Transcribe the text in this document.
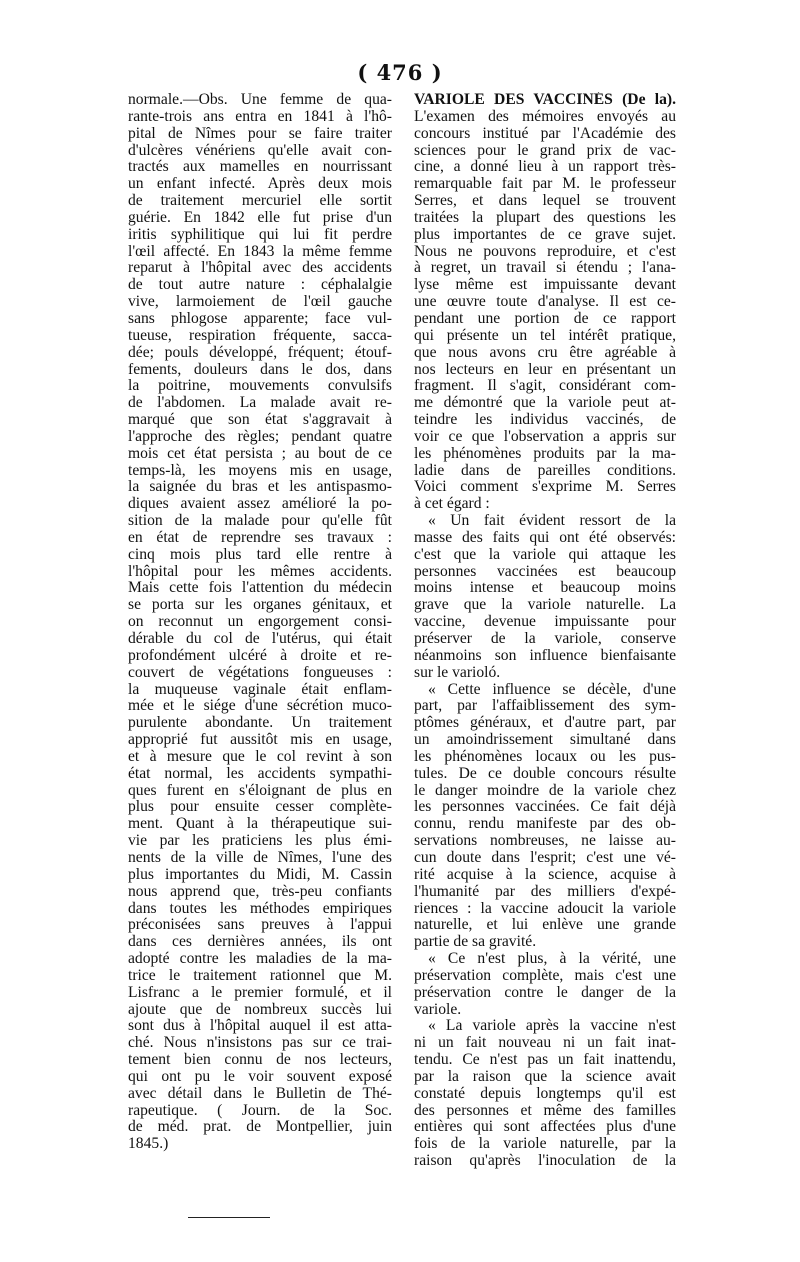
( 476 )
normale.—Obs. Une femme de qua-
rante-trois ans entra en 1841 à l'hô-
pital de Nîmes pour se faire traiter
d'ulcères vénériens qu'elle avait con-
tractés aux mamelles en nourrissant
un enfant infecté. Après deux mois
de traitement mercuriel elle sortit
guérie. En 1842 elle fut prise d'un
iritis syphilitique qui lui fit perdre
l'œil affecté. En 1843 la même femme
reparut à l'hôpital avec des accidents
de tout autre nature : céphalalgie
vive, larmoiement de l'œil gauche
sans phlogose apparente; face vul-
tueuse, respiration fréquente, sacca-
dée; pouls développé, fréquent; étouf-
fements, douleurs dans le dos, dans
la poitrine, mouvements convulsifs
de l'abdomen. La malade avait re-
marqué que son état s'aggravait à
l'approche des règles; pendant quatre
mois cet état persista ; au bout de ce
temps-là, les moyens mis en usage,
la saignée du bras et les antispasmo-
diques avaient assez amélioré la po-
sition de la malade pour qu'elle fût
en état de reprendre ses travaux :
cinq mois plus tard elle rentre à
l'hôpital pour les mêmes accidents.
Mais cette fois l'attention du médecin
se porta sur les organes génitaux, et
on reconnut un engorgement consi-
dérable du col de l'utérus, qui était
profondément ulcéré à droite et re-
couvert de végétations fongueuses :
la muqueuse vaginale était enflam-
mée et le siége d'une sécrétion muco-
purulente abondante. Un traitement
approprié fut aussitôt mis en usage,
et à mesure que le col revint à son
état normal, les accidents sympathi-
ques furent en s'éloignant de plus en
plus pour ensuite cesser complète-
ment. Quant à la thérapeutique sui-
vie par les praticiens les plus émi-
nents de la ville de Nîmes, l'une des
plus importantes du Midi, M. Cassin
nous apprend que, très-peu confiants
dans toutes les méthodes empiriques
préconisées sans preuves à l'appui
dans ces dernières années, ils ont
adopté contre les maladies de la ma-
trice le traitement rationnel que M.
Lisfranc a le premier formulé, et il
ajoute que de nombreux succès lui
sont dus à l'hôpital auquel il est atta-
ché. Nous n'insistons pas sur ce trai-
tement bien connu de nos lecteurs,
qui ont pu le voir souvent exposé
avec détail dans le Bulletin de Thé-
rapeutique. ( Journ. de la Soc.
de méd. prat. de Montpellier, juin
1845.)
VARIOLE DES VACCINÉS (De la).
L'examen des mémoires envoyés au
concours institué par l'Académie des
sciences pour le grand prix de vac-
cine, a donné lieu à un rapport très-
remarquable fait par M. le professeur
Serres, et dans lequel se trouvent
traitées la plupart des questions les
plus importantes de ce grave sujet.
Nous ne pouvons reproduire, et c'est
à regret, un travail si étendu ; l'ana-
lyse même est impuissante devant
une œuvre toute d'analyse. Il est ce-
pendant une portion de ce rapport
qui présente un tel intérêt pratique,
que nous avons cru être agréable à
nos lecteurs en leur en présentant un
fragment. Il s'agit, considérant com-
me démontré que la variole peut at-
teindre les individus vaccinés, de
voir ce que l'observation a appris sur
les phénomènes produits par la ma-
ladie dans de pareilles conditions.
Voici comment s'exprime M. Serres
à cet égard :
« Un fait évident ressort de la
masse des faits qui ont été observés:
c'est que la variole qui attaque les
personnes vaccinées est beaucoup
moins intense et beaucoup moins
grave que la variole naturelle. La
vaccine, devenue impuissante pour
préserver de la variole, conserve
néanmoins son influence bienfaisante
sur le varioló.
« Cette influence se décèle, d'une
part, par l'affaiblissement des sym-
ptômes généraux, et d'autre part, par
un amoindrissement simultané dans
les phénomènes locaux ou les pus-
tules. De ce double concours résulte
le danger moindre de la variole chez
les personnes vaccinées. Ce fait déjà
connu, rendu manifeste par des ob-
servations nombreuses, ne laisse au-
cun doute dans l'esprit; c'est une vé-
rité acquise à la science, acquise à
l'humanité par des milliers d'expé-
riences : la vaccine adoucit la variole
naturelle, et lui enlève une grande
partie de sa gravité.
« Ce n'est plus, à la vérité, une
préservation complète, mais c'est une
préservation contre le danger de la
variole.
« La variole après la vaccine n'est
ni un fait nouveau ni un fait inat-
tendu. Ce n'est pas un fait inattendu,
par la raison que la science avait
constaté depuis longtemps qu'il est
des personnes et même des familles
entières qui sont affectées plus d'une
fois de la variole naturelle, par la
raison qu'après l'inoculation de la
